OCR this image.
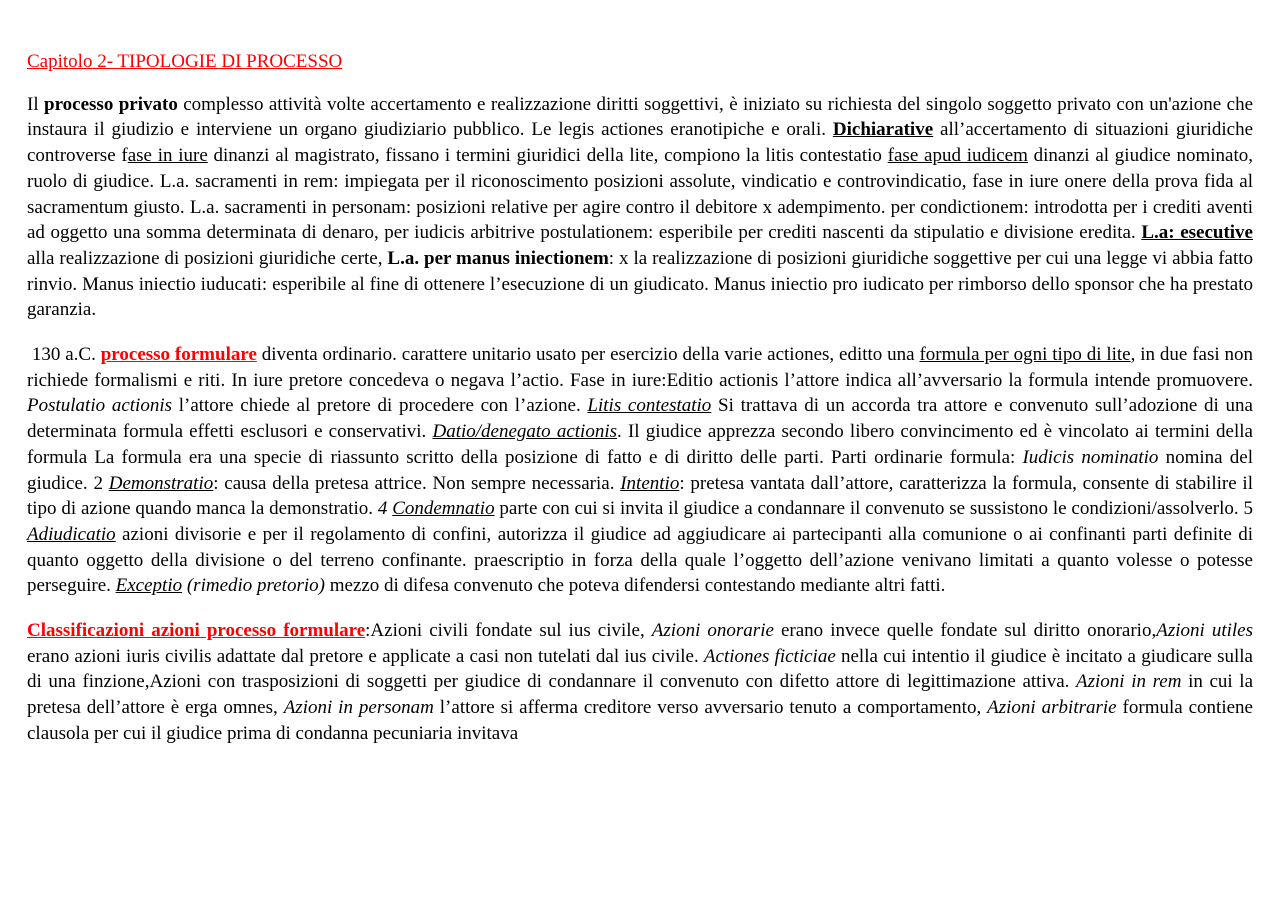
Capitolo 2- TIPOLOGIE DI PROCESSO

Il processo privato complesso attività volte accertamento e realizzazione diritti soggettivi, è iniziato su richiesta del singolo soggetto privato con un'azione che instaura il giudizio e interviene un organo giudiziario pubblico. Le legis actiones eranotipiche e orali. Dichiarative all’accertamento di situazioni giuridiche controverse fase in iure dinanzi al magistrato, fissano i termini giuridici della lite, compiono la litis contestatio fase apud iudicem dinanzi al giudice nominato, ruolo di giudice. L.a. sacramenti in rem: impiegata per il riconoscimento posizioni assolute, vindicatio e controvindicatio, fase in iure onere della prova fida al sacramentum giusto. L.a. sacramenti in personam: posizioni relative per agire contro il debitore x adempimento. per condictionem: introdotta per i crediti aventi ad oggetto una somma determinata di denaro, per iudicis arbitrive postulationem: esperibile per crediti nascenti da stipulatio e divisione eredita. L.a: esecutive alla realizzazione di posizioni giuridiche certe, L.a. per manus iniectionem: x la realizzazione di posizioni giuridiche soggettive per cui una legge vi abbia fatto rinvio. Manus iniectio iuducati: esperibile al fine di ottenere l’esecuzione di un giudicato. Manus iniectio pro iudicato per rimborso dello sponsor che ha prestato garanzia.

130 a.C. processo formulare diventa ordinario. carattere unitario usato per esercizio della varie actiones, editto una formula per ogni tipo di lite, in due fasi non richiede formalismi e riti. In iure pretore concedeva o negava l’actio. Fase in iure:Editio actionis l’attore indica all’avversario la formula intende promuovere. Postulatio actionis l’attore chiede al pretore di procedere con l’azione. Litis contestatio Si trattava di un accorda tra attore e convenuto sull’adozione di una determinata formula effetti esclusori e conservativi. Datio/denegato actionis. Il giudice apprezza secondo libero convincimento ed è vincolato ai termini della formula La formula era una specie di riassunto scritto della posizione di fatto e di diritto delle parti. Parti ordinarie formula: Iudicis nominatio nomina del giudice. 2 Demonstratio: causa della pretesa attrice. Non sempre necessaria. Intentio: pretesa vantata dall’attore, caratterizza la formula, consente di stabilire il tipo di azione quando manca la demonstratio. 4 Condemnatio parte con cui si invita il giudice a condannare il convenuto se sussistono le condizioni/assolverlo. 5 Adiudicatio azioni divisorie e per il regolamento di confini, autorizza il giudice ad aggiudicare ai partecipanti alla comunione o ai confinanti parti definite di quanto oggetto della divisione o del terreno confinante. praescriptio in forza della quale l’oggetto dell’azione venivano limitati a quanto volesse o potesse perseguire. Exceptio (rimedio pretorio) mezzo di difesa convenuto che poteva difendersi contestando mediante altri fatti.

Classificazioni azioni processo formulare:Azioni civili fondate sul ius civile, Azioni onorarie erano invece quelle fondate sul diritto onorario,Azioni utiles erano azioni iuris civilis adattate dal pretore e applicate a casi non tutelati dal ius civile. Actiones ficticiae nella cui intentio il giudice è incitato a giudicare sulla di una finzione,Azioni con trasposizioni di soggetti per giudice di condannare il convenuto con difetto attore di legittimazione attiva. Azioni in rem in cui la pretesa dell’attore è erga omnes, Azioni in personam l’attore si afferma creditore verso avversario tenuto a comportamento, Azioni arbitrarie formula contiene clausola per cui il giudice prima di condanna pecuniaria invitava
